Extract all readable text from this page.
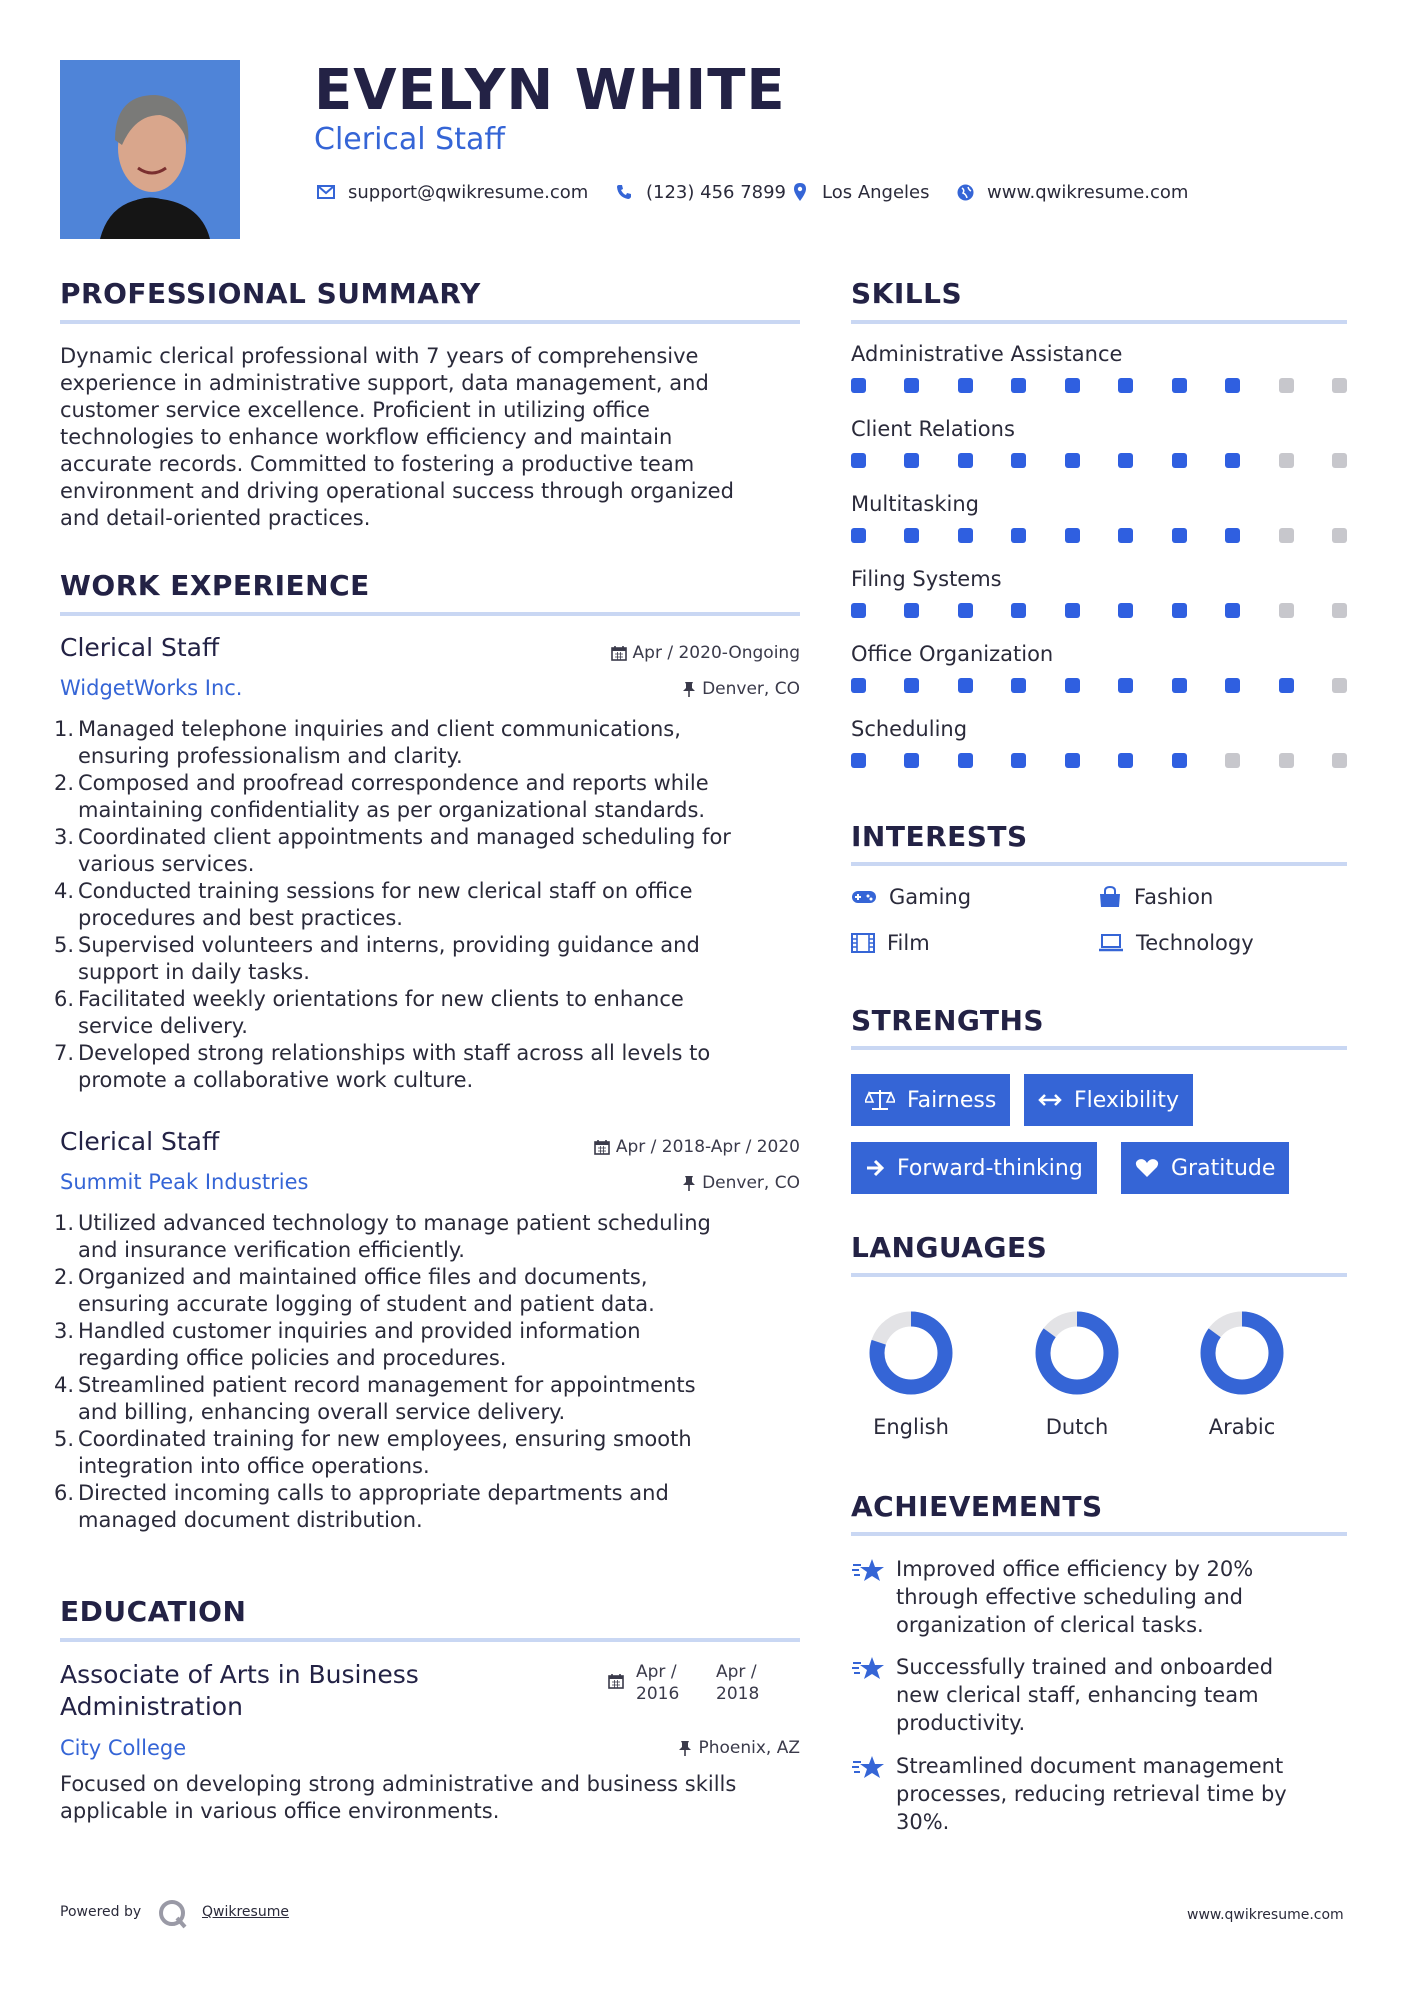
EVELYN WHITE
Clerical Staff
support@qwikresume.com	(123) 456 7899 Los Angeles	www.qwikresume.com
PROFESSIONAL SUMMARY
Dynamic clerical professional with 7 years of comprehensive
experience in administrative support, data management, and
customer service excellence. Proficient in utilizing office
technologies to enhance workflow efficiency and maintain
accurate records. Committed to fostering a productive team
environment and driving operational success through organized
and detail-oriented practices.
WORK EXPERIENCE
Clerical Staff
WidgetWorks Inc.
Apr / 2020-Ongoing
Denver, CO
1. Managed telephone inquiries and client communications,
ensuring professionalism and clarity.
2. Composed and proofread correspondence and reports while
maintaining confidentiality as per organizational standards.
3. Coordinated client appointments and managed scheduling for
various services.
4. Conducted training sessions for new clerical staff on office
procedures and best practices.
5. Supervised volunteers and interns, providing guidance and
support in daily tasks.
6. Facilitated weekly orientations for new clients to enhance
service delivery.
7. Developed strong relationships with staff across all levels to
promote a collaborative work culture.
Clerical Staff
Summit Peak Industries
Apr / 2018-Apr / 2020
Denver, CO
1. Utilized advanced technology to manage patient scheduling
and insurance verification efficiently.
2. Organized and maintained office files and documents,
ensuring accurate logging of student and patient data.
3. Handled customer inquiries and provided information
regarding office policies and procedures.
4. Streamlined patient record management for appointments
and billing, enhancing overall service delivery.
5. Coordinated training for new employees, ensuring smooth
integration into office operations.
6. Directed incoming calls to appropriate departments and
managed document distribution.
EDUCATION
Associate of Arts in Business
Administration
City College
Apr /
2016
Apr /
2018
Phoenix, AZ
Focused on developing strong administrative and business skills
applicable in various office environments.
SKILLS
Administrative Assistance
Client Relations
Multitasking
Filing Systems
Office Organization
Scheduling
INTERESTS
Gaming	Fashion
Film	Technology
STRENGTHS
Fairness	Flexibility
Forward-thinking	Gratitude
LANGUAGES
English	Dutch	Arabic
ACHIEVEMENTS
Improved office efficiency by 20%
through effective scheduling and
organization of clerical tasks.
Successfully trained and onboarded
new clerical staff, enhancing team
productivity.
Streamlined document management
processes, reducing retrieval time by
30%.
Powered by	Qwikresume	www.qwikresume.com
